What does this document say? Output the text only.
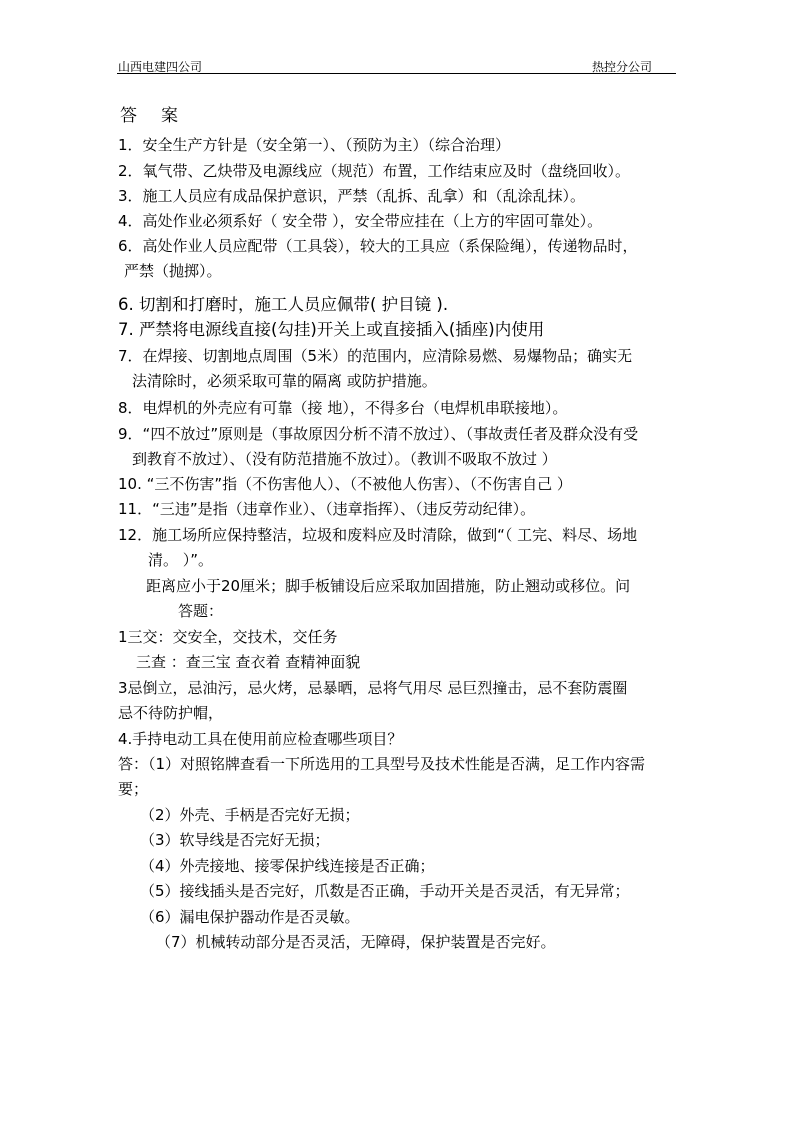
山西电建四公司	热控分公司
答 案
1．安全生产方针是（安全第一）、（预防为主）（综合治理）
2．氧气带、乙炔带及电源线应（规范）布置，工作结束应及时（盘绕回收）。
3．施工人员应有成品保护意识，严禁（乱拆、乱拿）和（乱涂乱抹）。
4．高处作业必须系好（ 安全带 ），安全带应挂在（上方的牢固可靠处）。
6．高处作业人员应配带（工具袋），较大的工具应（系保险绳），传递物品时，
严禁（抛掷）。
6. 切割和打磨时，施工人员应佩带( 护目镜 ).
7. 严禁将电源线直接(勾挂)开关上或直接插入(插座)内使用
7．在焊接、切割地点周围（5米）的范围内，应清除易燃、易爆物品；确实无
法清除时，必须采取可靠的隔离 或防护措施。
8．电焊机的外壳应有可靠（接 地），不得多台（电焊机串联接地）。
9．“四不放过”原则是（事故原因分析不清不放过）、（事故责任者及群众没有受
到教育不放过）、（没有防范措施不放过）。（教训不吸取不放过 ）
10. “三不伤害”指（不伤害他人）、（不被他人伤害）、（不伤害自己 ）
11．“三违”是指（违章作业）、（违章指挥）、（违反劳动纪律）。
12．施工场所应保持整洁，垃圾和废料应及时清除，做到“（ 工完、料尽、场地
清。 ）”。
距离应小于20厘米；脚手板铺设后应采取加固措施，防止翘动或移位。问
答题：
1三交：交安全，交技术，交任务
三查 ：查三宝 查衣着 查精神面貌
3忌倒立，忌油污，忌火烤，忌暴晒，忌将气用尽 忌巨烈撞击，忌不套防震圈
忌不待防护帽，
4.手持电动工具在使用前应检查哪些项目？
答：（1）对照铭牌查看一下所选用的工具型号及技术性能是否满，足工作内容需
要；
（2）外壳、手柄是否完好无损；
（3）软导线是否完好无损；
（4）外壳接地、接零保护线连接是否正确；
（5）接线插头是否完好，爪数是否正确，手动开关是否灵活，有无异常；
（6）漏电保护器动作是否灵敏。
（7）机械转动部分是否灵活，无障碍，保护装置是否完好。
